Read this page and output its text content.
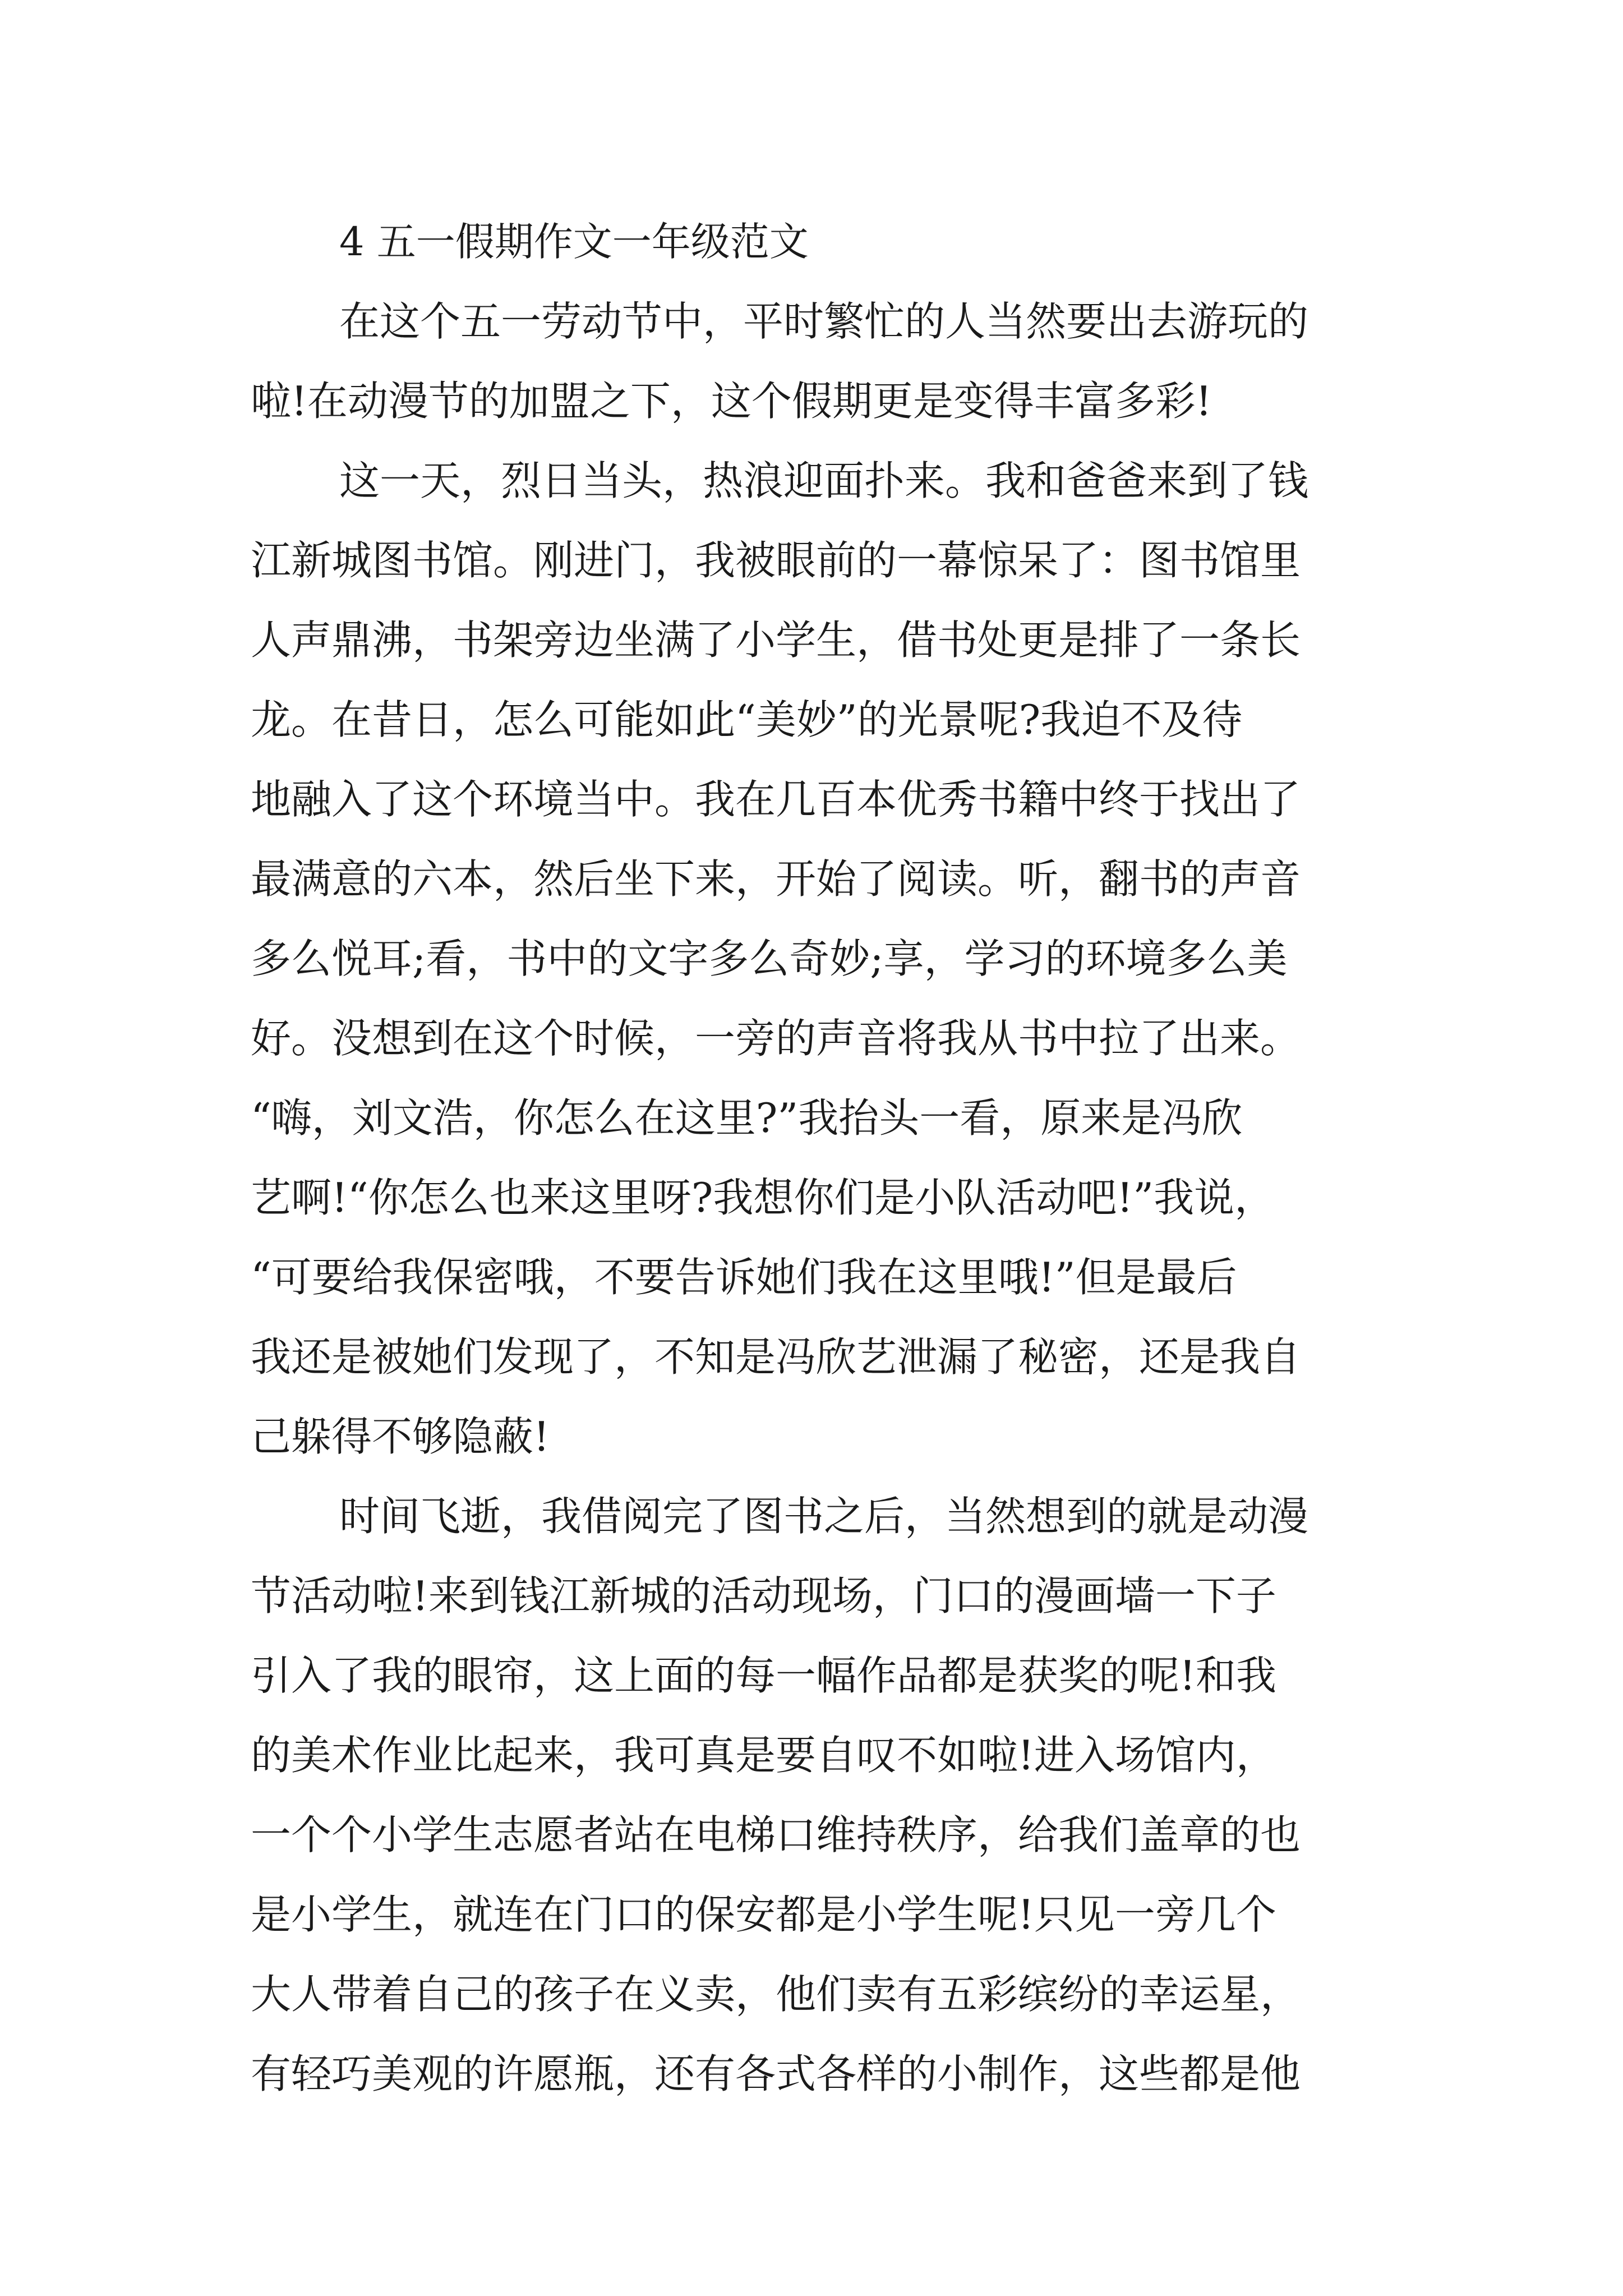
4 五一假期作文一年级范文
在这个五一劳动节中，平时繁忙的人当然要出去游玩的
啦!在动漫节的加盟之下，这个假期更是变得丰富多彩!
这一天，烈日当头，热浪迎面扑来。我和爸爸来到了钱
江新城图书馆。刚进门，我被眼前的一幕惊呆了：图书馆里
人声鼎沸，书架旁边坐满了小学生，借书处更是排了一条长
龙。在昔日，怎么可能如此“美妙”的光景呢?我迫不及待
地融入了这个环境当中。我在几百本优秀书籍中终于找出了
最满意的六本，然后坐下来，开始了阅读。听，翻书的声音
多么悦耳;看，书中的文字多么奇妙;享，学习的环境多么美
好。没想到在这个时候，一旁的声音将我从书中拉了出来。
“嗨，刘文浩，你怎么在这里?”我抬头一看，原来是冯欣
艺啊!“你怎么也来这里呀?我想你们是小队活动吧!”我说，
“可要给我保密哦，不要告诉她们我在这里哦!”但是最后
我还是被她们发现了，不知是冯欣艺泄漏了秘密，还是我自
己躲得不够隐蔽!
时间飞逝，我借阅完了图书之后，当然想到的就是动漫
节活动啦!来到钱江新城的活动现场，门口的漫画墙一下子
引入了我的眼帘，这上面的每一幅作品都是获奖的呢!和我
的美术作业比起来，我可真是要自叹不如啦!进入场馆内，
一个个小学生志愿者站在电梯口维持秩序，给我们盖章的也
是小学生，就连在门口的保安都是小学生呢!只见一旁几个
大人带着自己的孩子在义卖，他们卖有五彩缤纷的幸运星，
有轻巧美观的许愿瓶，还有各式各样的小制作，这些都是他
